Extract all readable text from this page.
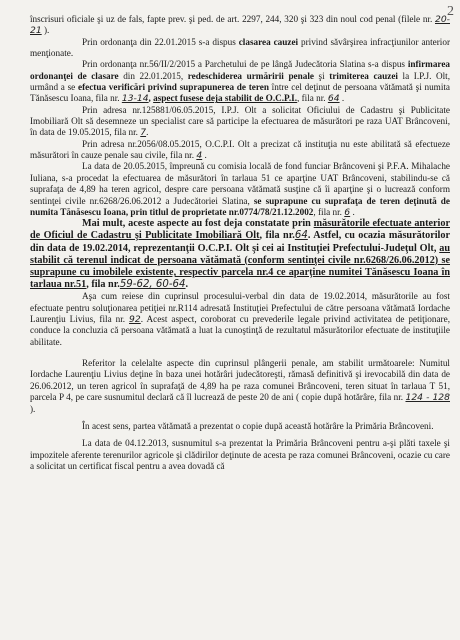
2

înscrisuri oficiale şi uz de fals, fapte prev. şi ped. de art. 2297, 244, 320 şi 323 din noul cod penal (filele nr. 20-21 ).

Prin ordonanţa din 22.01.2015 s-a dispus clasarea cauzei privind săvârşirea infracţiunilor anterior menţionate.

Prin ordonanţa nr.56/II/2/2015 a Parchetului de pe lângă Judecătoria Slatina s-a dispus infirmarea ordonanţei de clasare din 22.01.2015, redeschiderea urmăririi penale şi trimiterea cauzei la I.P.J. Olt, urmând a se efectua verificări privind suprapunerea de teren între cel deţinut de persoana vătămată şi numita Tănăsescu Ioana, fila nr. 13-14, aspect fusese deja stabilit de O.C.P.I., fila nr. 64 .

Prin adresa nr.125881/06.05.2015, I.P.J. Olt a solicitat Oficiului de Cadastru şi Publicitate Imobiliară Olt să desemneze un specialist care să participe la efectuarea de măsurători pe raza UAT Brâncoveni, în data de 19.05.2015, fila nr. 7.

Prin adresa nr.2056/08.05.2015, O.C.P.I. Olt a precizat că instituţia nu este abilitată să efectueze măsurători în cauze penale sau civile, fila nr. 4 .

La data de 20.05.2015, împreună cu comisia locală de fond funciar Brâncoveni şi P.F.A. Mihalache Iuliana, s-a procedat la efectuarea de măsurători în tarlaua 51 ce aparţine UAT Brâncoveni, stabilindu-se că suprafaţa de 4,89 ha teren agricol, despre care persoana vătămată susţine că îi aparţine şi o lucrează conform sentinţei civile nr.6268/26.06.2012 a Judecătoriei Slatina, se suprapune cu suprafaţa de teren deţinută de numita Tănăsescu Ioana, prin titlul de proprietate nr.0774/78/21.12.2002, fila nr. 6 .

Mai mult, aceste aspecte au fost deja constatate prin măsurătorile efectuate anterior de Oficiul de Cadastru şi Publicitate Imobiliară Olt, fila nr.64. Astfel, cu ocazia măsurătorilor din data de 19.02.2014, reprezentanţii O.C.P.I. Olt şi cei ai Instituţiei Prefectului-Judeţul Olt, au stabilit că terenul indicat de persoana vătămată (conform sentinţei civile nr.6268/26.06.2012) se suprapune cu imobilele existente, respectiv parcela nr.4 ce aparţine numitei Tănăsescu Ioana în tarlaua nr.51, fila nr.59-62, 60-64.

Aşa cum reiese din cuprinsul procesului-verbal din data de 19.02.2014, măsurătorile au fost efectuate pentru soluţionarea petiţiei nr.R114 adresată Instituţiei Prefectului de către persoana vătămată Iordache Laurenţiu Livius, fila nr. 92. Acest aspect, coroborat cu prevederile legale privind activitatea de petiţionare, conduce la concluzia că persoana vătămată a luat la cunoştinţă de rezultatul măsurătorilor efectuate de instituţiile abilitate.

Referitor la celelalte aspecte din cuprinsul plângerii penale, am stabilit următoarele: Numitul Iordache Laurenţiu Livius deţine în baza unei hotărâri judecătoreşti, rămasă definitivă şi irevocabilă din data de 26.06.2012, un teren agricol în suprafaţă de 4,89 ha pe raza comunei Brâncoveni, teren situat în tarlaua T 51, parcela P 4, pe care susnumitul declară că îl lucrează de peste 20 de ani ( copie după hotărâre, fila nr. 124 - 128 ).

În acest sens, partea vătămată a prezentat o copie după această hotărâre la Primăria Brâncoveni.

La data de 04.12.2013, susnumitul s-a prezentat la Primăria Brâncoveni pentru a-şi plăti taxele şi impozitele aferente terenurilor agricole şi clădirilor deţinute de acesta pe raza comunei Brâncoveni, ocazie cu care a solicitat un certificat fiscal pentru a avea dovadă că
